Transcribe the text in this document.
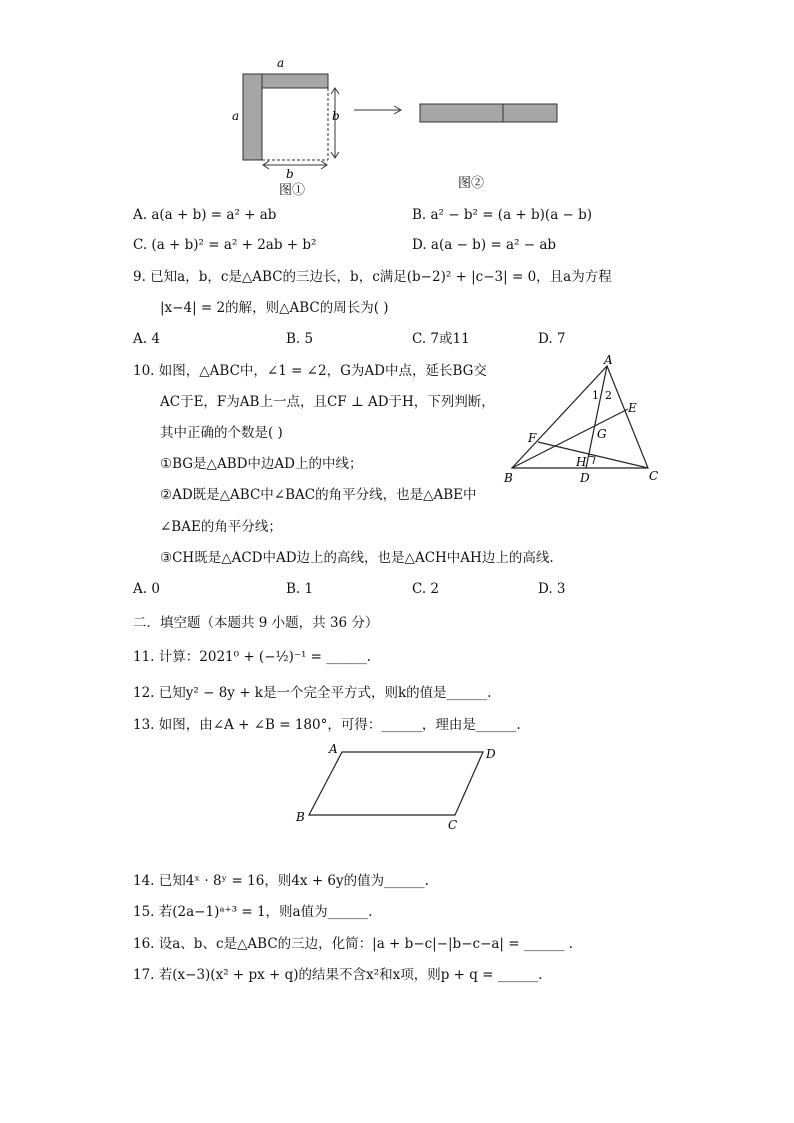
a
a	b
b
图①	图②
A. a(a + b) = a² + ab	B. a² − b² = (a + b)(a − b)
C. (a + b)² = a² + 2ab + b²	D. a(a − b) = a² − ab
9. 已知a，b，c是△ABC的三边长，b，c满足(b−2)² + |c−3| = 0，且a为方程
|x−4| = 2的解，则△ABC的周长为( )
A. 4	B. 5	C. 7或11	D. 7
10. 如图，△ABC中，∠1 = ∠2，G为AD中点，延长BG交
AC于E，F为AB上一点，且CF ⊥ AD于H，下列判断，
其中正确的个数是( )
①BG是△ABD中边AD上的中线；
②AD既是△ABC中∠BAC的角平分线，也是△ABE中
∠BAE的角平分线；
③CH既是△ACD中AD边上的高线，也是△ACH中AH边上的高线.
A. 0	B. 1	C. 2	D. 3
A
B	C
D
E
F	G
H
1 2
二．填空题（本题共 9 小题，共 36 分）
11. 计算：2021⁰ + (−½)⁻¹ = ______.
12. 已知y² − 8y + k是一个完全平方式，则k的值是______.
13. 如图，由∠A + ∠B = 180°，可得：______，理由是______.
A	D
B
C
14. 已知4ˣ · 8ʸ = 16，则4x + 6y的值为______.
15. 若(2a−1)ᵃ⁺³ = 1，则a值为______.
16. 设a、b、c是△ABC的三边，化简：|a + b−c|−|b−c−a| = ______ .
17. 若(x−3)(x² + px + q)的结果不含x²和x项，则p + q = ______.
